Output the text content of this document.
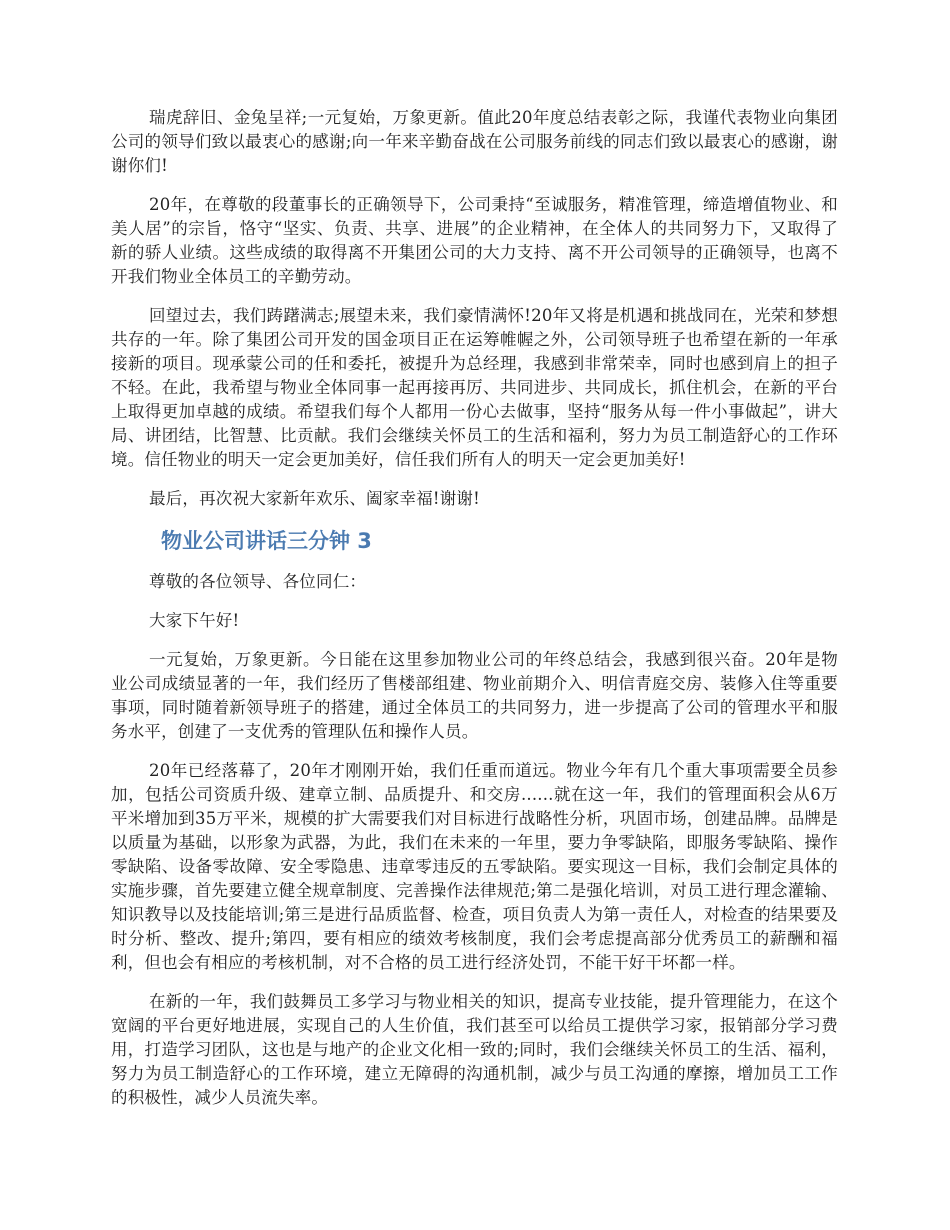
瑞虎辞旧、金兔呈祥;一元复始，万象更新。值此20年度总结表彰之际，我谨代表物业向集团公司的领导们致以最衷心的感谢;向一年来辛勤奋战在公司服务前线的同志们致以最衷心的感谢，谢谢你们!

20年，在尊敬的段董事长的正确领导下，公司秉持“至诚服务，精准管理，缔造增值物业、和美人居”的宗旨，恪守“坚实、负责、共享、进展”的企业精神，在全体人的共同努力下，又取得了新的骄人业绩。这些成绩的取得离不开集团公司的大力支持、离不开公司领导的正确领导，也离不开我们物业全体员工的辛勤劳动。

回望过去，我们踌躇满志;展望未来，我们豪情满怀!20年又将是机遇和挑战同在，光荣和梦想共存的一年。除了集团公司开发的国金项目正在运筹帷幄之外，公司领导班子也希望在新的一年承接新的项目。现承蒙公司的任和委托，被提升为总经理，我感到非常荣幸，同时也感到肩上的担子不轻。在此，我希望与物业全体同事一起再接再厉、共同进步、共同成长，抓住机会，在新的平台上取得更加卓越的成绩。希望我们每个人都用一份心去做事，坚持“服务从每一件小事做起”，讲大局、讲团结，比智慧、比贡献。我们会继续关怀员工的生活和福利，努力为员工制造舒心的工作环境。信任物业的明天一定会更加美好，信任我们所有人的明天一定会更加美好!

最后，再次祝大家新年欢乐、阖家幸福!谢谢!

物业公司讲话三分钟 3

尊敬的各位领导、各位同仁：

大家下午好!

一元复始，万象更新。今日能在这里参加物业公司的年终总结会，我感到很兴奋。20年是物业公司成绩显著的一年，我们经历了售楼部组建、物业前期介入、明信青庭交房、装修入住等重要事项，同时随着新领导班子的搭建，通过全体员工的共同努力，进一步提高了公司的管理水平和服务水平，创建了一支优秀的管理队伍和操作人员。

20年已经落幕了，20年才刚刚开始，我们任重而道远。物业今年有几个重大事项需要全员参加，包括公司资质升级、建章立制、品质提升、和交房......就在这一年，我们的管理面积会从6万平米增加到35万平米，规模的扩大需要我们对目标进行战略性分析，巩固市场，创建品牌。品牌是以质量为基础，以形象为武器，为此，我们在未来的一年里，要力争零缺陷，即服务零缺陷、操作零缺陷、设备零故障、安全零隐患、违章零违反的五零缺陷。要实现这一目标，我们会制定具体的实施步骤，首先要建立健全规章制度、完善操作法律规范;第二是强化培训，对员工进行理念灌输、知识教导以及技能培训;第三是进行品质监督、检查，项目负责人为第一责任人，对检查的结果要及时分析、整改、提升;第四，要有相应的绩效考核制度，我们会考虑提高部分优秀员工的薪酬和福利，但也会有相应的考核机制，对不合格的员工进行经济处罚，不能干好干坏都一样。

在新的一年，我们鼓舞员工多学习与物业相关的知识，提高专业技能，提升管理能力，在这个宽阔的平台更好地进展，实现自己的人生价值，我们甚至可以给员工提供学习家，报销部分学习费用，打造学习团队，这也是与地产的企业文化相一致的;同时，我们会继续关怀员工的生活、福利，努力为员工制造舒心的工作环境，建立无障碍的沟通机制，减少与员工沟通的摩擦，增加员工工作的积极性，减少人员流失率。
